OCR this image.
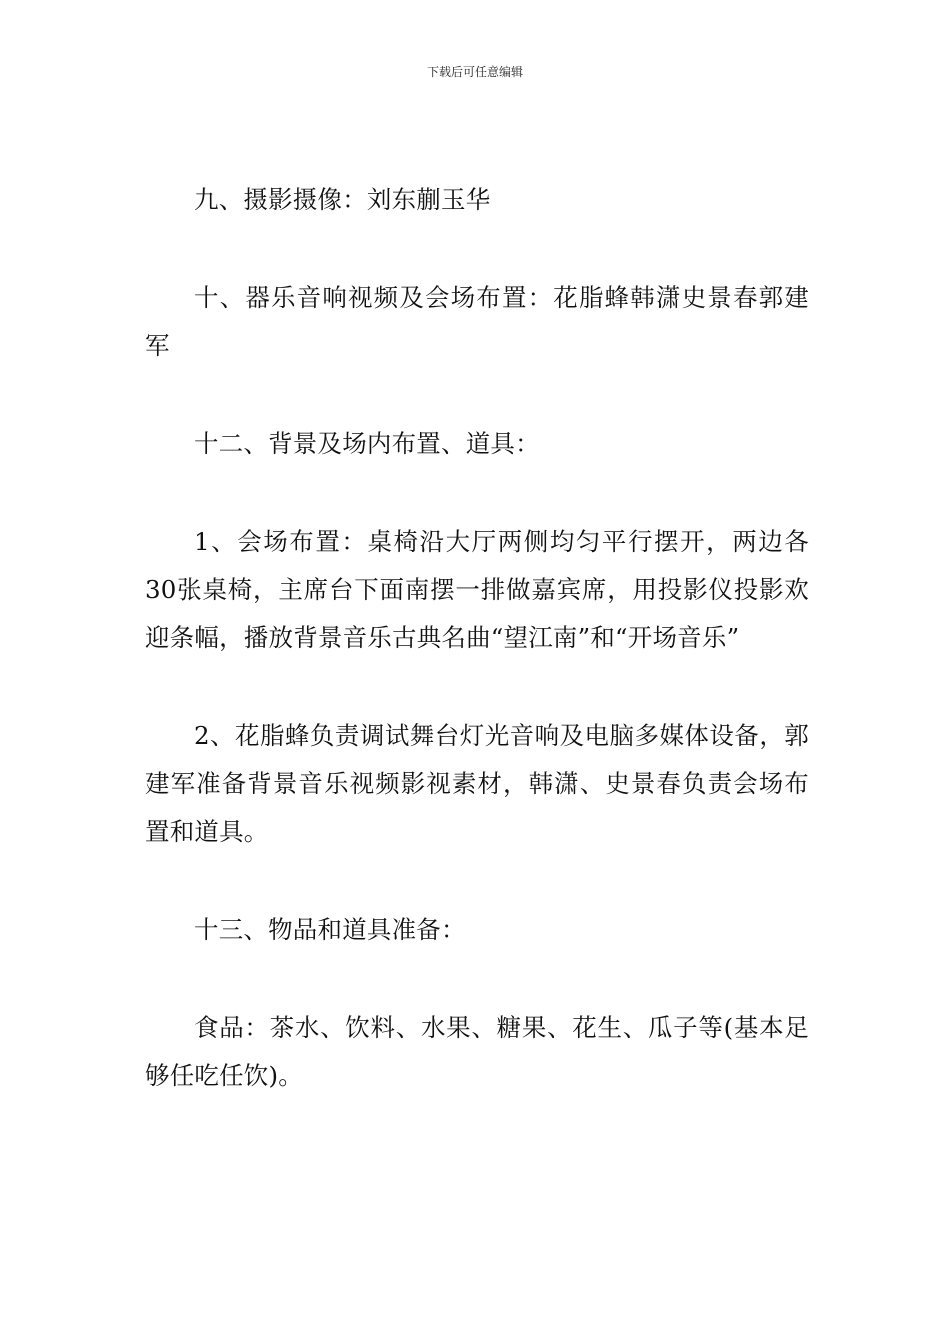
下载后可任意编辑

九、摄影摄像：刘东蒯玉华

十、器乐音响视频及会场布置：花脂蜂韩潇史景春郭建军

十二、背景及场内布置、道具：

1、会场布置：桌椅沿大厅两侧均匀平行摆开，两边各30张桌椅，主席台下面南摆一排做嘉宾席，用投影仪投影欢迎条幅，播放背景音乐古典名曲“望江南”和“开场音乐”

2、花脂蜂负责调试舞台灯光音响及电脑多媒体设备，郭建军准备背景音乐视频影视素材，韩潇、史景春负责会场布置和道具。

十三、物品和道具准备：

食品：茶水、饮料、水果、糖果、花生、瓜子等(基本足够任吃任饮)。
